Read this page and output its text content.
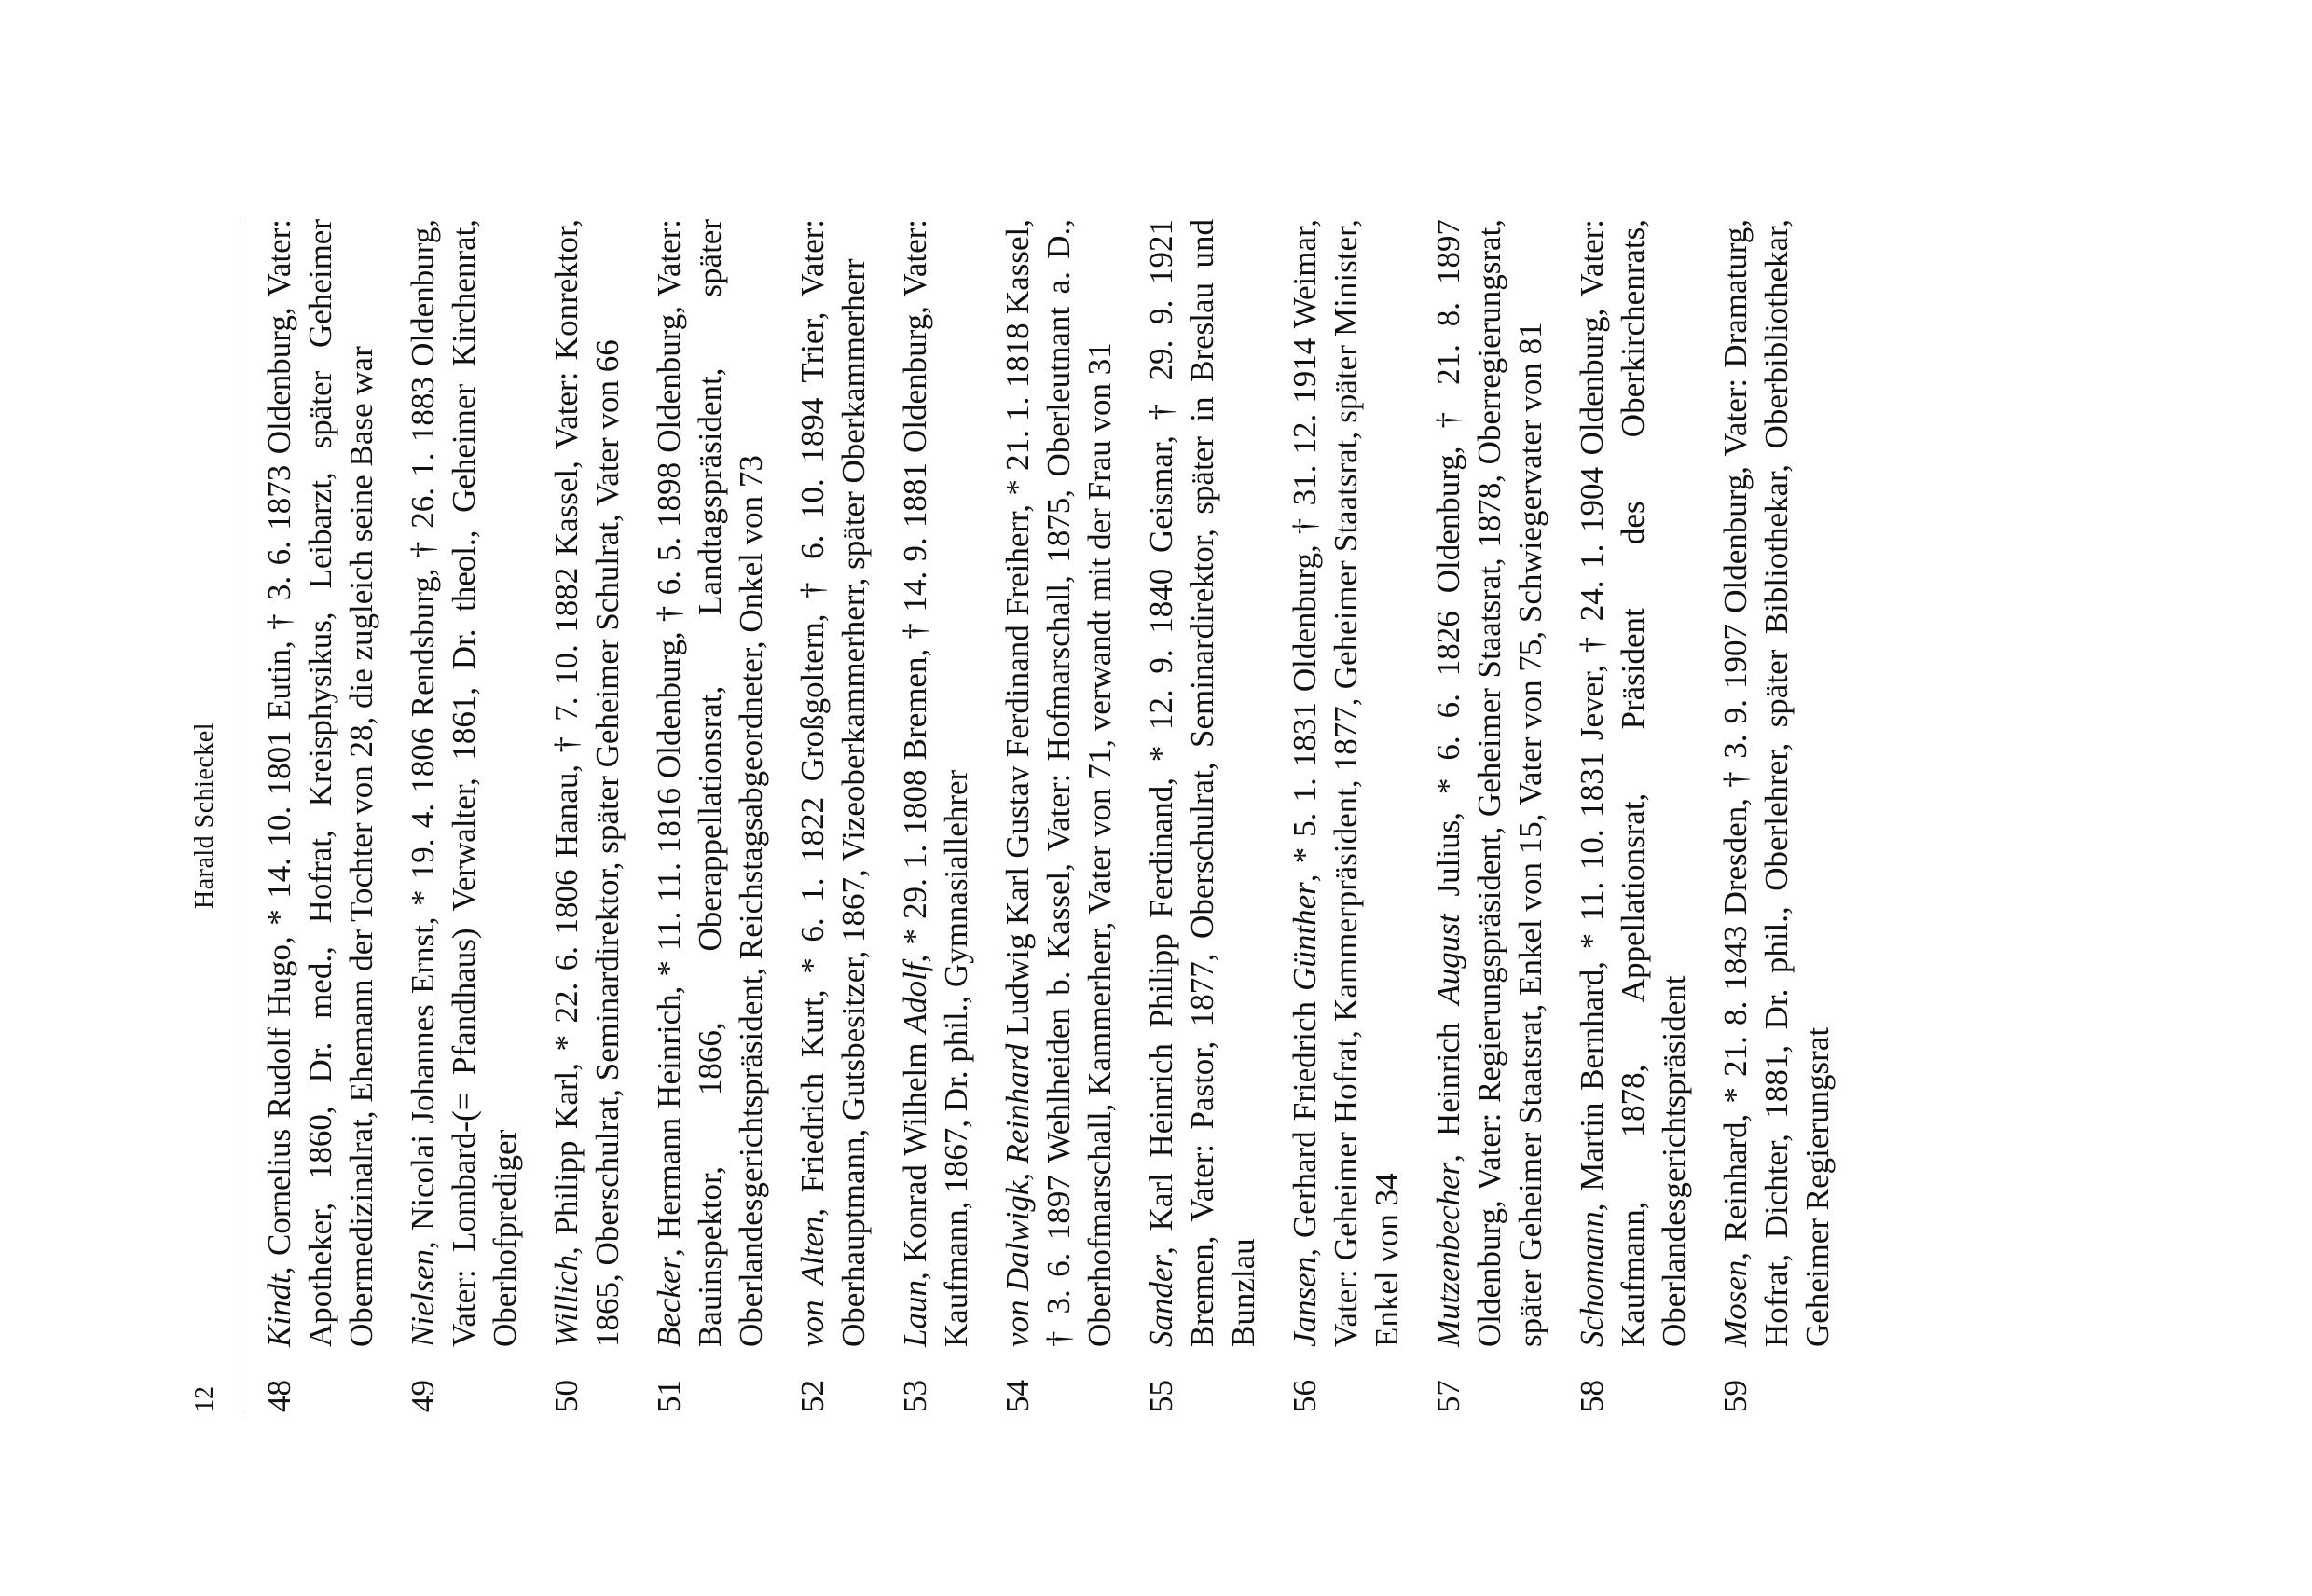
12
Harald Schieckel
48
Kindt, Cornelius Rudolf Hugo, * 14. 10. 1801 Eutin, † 3. 6. 1873 Oldenburg, Vater: Apotheker, 1860, Dr. med., Hofrat, Kreisphysikus, Leibarzt, später Geheimer Obermedizinalrat, Ehemann der Tochter von 28, die zugleich seine Base war
49
Nielsen, Nicolai Johannes Ernst, * 19. 4. 1806 Rendsburg, † 26. 1. 1883 Oldenburg, Vater: Lombard-(= Pfandhaus) Verwalter, 1861, Dr. theol., Geheimer Kirchenrat, Oberhofprediger
50
Willich, Philipp Karl, * 22. 6. 1806 Hanau, † 7. 10. 1882 Kassel, Vater: Konrektor, 1865, Oberschulrat, Seminardirektor, später Geheimer Schulrat, Vater von 66
51
Becker, Hermann Heinrich, * 11. 11. 1816 Oldenburg, † 6. 5. 1898 Oldenburg, Vater: Bauinspektor, 1866, Oberappellationsrat, Landtagspräsident, später Oberlandesgerichtspräsident, Reichstagsabgeordneter, Onkel von 73
52
von Alten, Friedrich Kurt, * 6. 1. 1822 Großgoltern, † 6. 10. 1894 Trier, Vater: Oberhauptmann, Gutsbesitzer, 1867, Vizeoberkammerherr, später Oberkammerherr
53
Laun, Konrad Wilhelm Adolf, * 29. 1. 1808 Bremen, † 14. 9. 1881 Oldenburg, Vater: Kaufmann, 1867, Dr. phil., Gymnasiallehrer
54
von Dalwigk, Reinhard Ludwig Karl Gustav Ferdinand Freiherr, * 21. 1. 1818 Kassel, † 3. 6. 1897 Wehlheiden b. Kassel, Vater: Hofmarschall, 1875, Oberleutnant a. D., Oberhofmarschall, Kammerherr, Vater von 71, verwandt mit der Frau von 31
55
Sander, Karl Heinrich Philipp Ferdinand, * 12. 9. 1840 Geismar, † 29. 9. 1921 Bremen, Vater: Pastor, 1877, Oberschulrat, Seminardirektor, später in Breslau und Bunzlau
56
Jansen, Gerhard Friedrich Günther, * 5. 1. 1831 Oldenburg, † 31. 12. 1914 Weimar, Vater: Geheimer Hofrat, Kammerpräsident, 1877, Geheimer Staatsrat, später Minister, Enkel von 34
57
Mutzenbecher, Heinrich August Julius, * 6. 6. 1826 Oldenburg, † 21. 8. 1897 Oldenburg, Vater: Regierungspräsident, Geheimer Staatsrat, 1878, Oberregierungsrat, später Geheimer Staatsrat, Enkel von 15, Vater von 75, Schwiegervater von 81
58
Schomann, Martin Bernhard, * 11. 10. 1831 Jever, † 24. 1. 1904 Oldenburg, Vater: Kaufmann, 1878, Appellationsrat, Präsident des Oberkirchenrats, Oberlandesgerichtspräsident
59
Mosen, Reinhard, * 21. 8. 1843 Dresden, † 3. 9. 1907 Oldenburg, Vater: Dramaturg, Hofrat, Dichter, 1881, Dr. phil., Oberlehrer, später Bibliothekar, Oberbibliothekar, Geheimer Regierungsrat
